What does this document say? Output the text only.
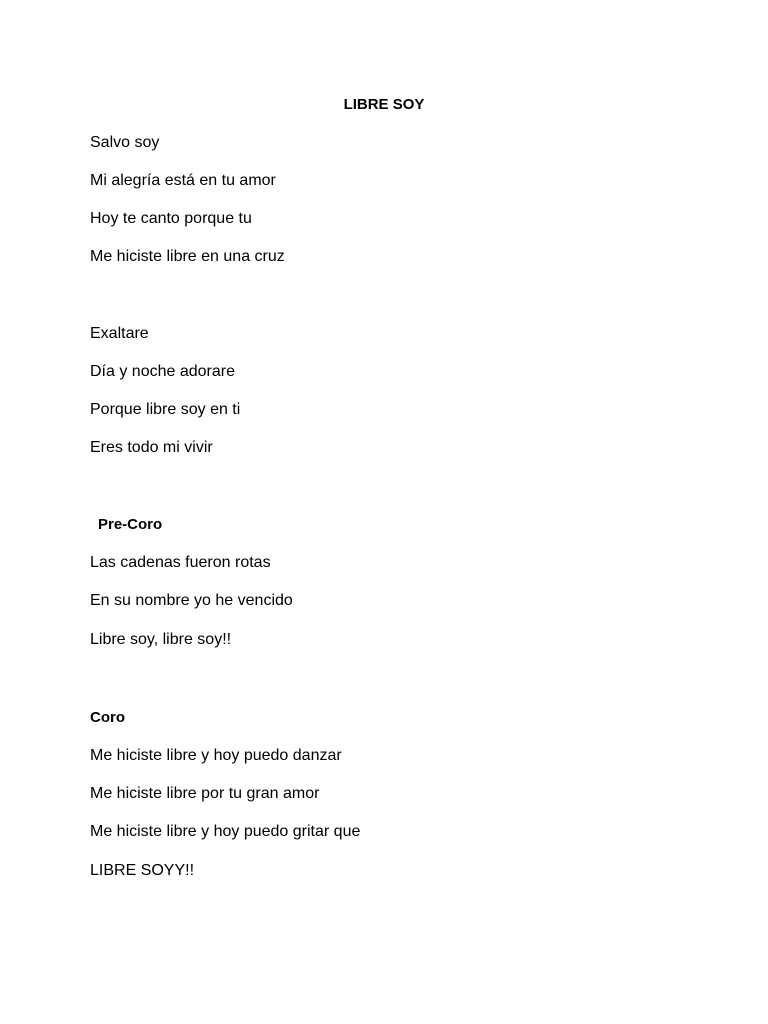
LIBRE SOY

Salvo soy

Mi alegría está en tu amor

Hoy te canto porque tu

Me hiciste libre en una cruz

Exaltare

Día y noche adorare

Porque libre soy en ti

Eres todo mi vivir

Pre-Coro

Las cadenas fueron rotas

En su nombre yo he vencido

Libre soy, libre soy!!

Coro

Me hiciste libre y hoy puedo danzar

Me hiciste libre por tu gran amor

Me hiciste libre y hoy puedo gritar que

LIBRE SOYY!!
